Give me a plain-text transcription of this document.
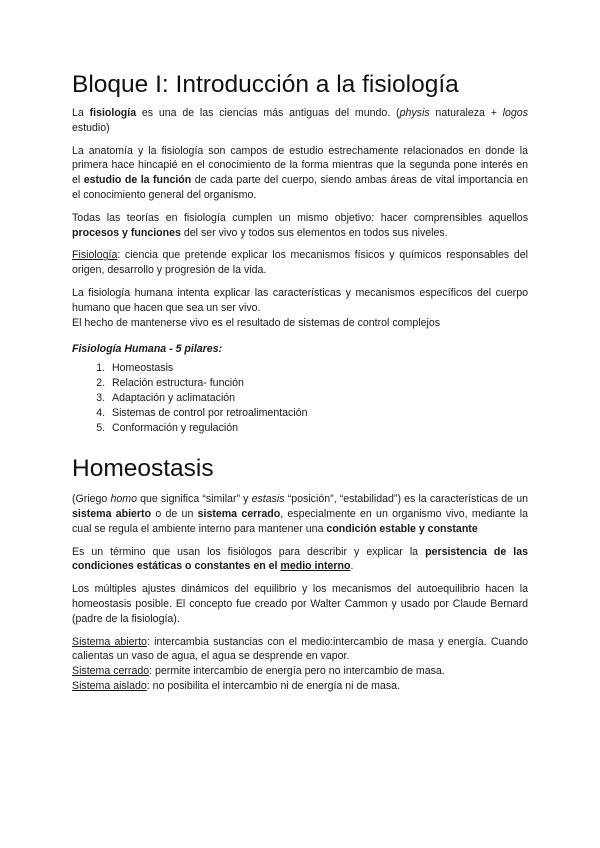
Bloque I: Introducción a la fisiología

La fisiología es una de las ciencias más antiguas del mundo. (physis naturaleza + logos estudio)

La anatomía y la fisiología son campos de estudio estrechamente relacionados en donde la primera hace hincapié en el conocimiento de la forma mientras que la segunda pone interés en el estudio de la función de cada parte del cuerpo, siendo ambas áreas de vital importancia en el conocimiento general del organismo.

Todas las teorías en fisiología cumplen un mismo objetivo: hacer comprensibles aquellos procesos y funciones del ser vivo y todos sus elementos en todos sus niveles.

Fisiología: ciencia que pretende explicar los mecanismos físicos y químicos responsables del origen, desarrollo y progresión de la vida.

La fisiología humana intenta explicar las características y mecanismos específicos del cuerpo humano que hacen que sea un ser vivo.

El hecho de mantenerse vivo es el resultado de sistemas de control complejos

Fisiología Humana - 5 pilares:

1. Homeostasis
2. Relación estructura- función
3. Adaptación y aclimatación
4. Sistemas de control por retroalimentación
5. Conformación y regulación
Homeostasis

(Griego homo que significa “similar” y estasis “posición”, “estabilidad”) es la características de un sistema abierto o de un sistema cerrado, especialmente en un organismo vivo, mediante la cual se regula el ambiente interno para mantener una condición estable y constante

Es un término que usan los fisiólogos para describir y explicar la persistencia de las condiciones estáticas o constantes en el medio interno.

Los múltiples ajustes dinámicos del equilibrio y los mecanismos del autoequilibrio hacen la homeostasis posible. El concepto fue creado por Walter Cammon y usado por Claude Bernard (padre de la fisiología).

Sistema abierto: intercambia sustancias con el medio:intercambio de masa y energía. Cuando calientas un vaso de agua, el agua se desprende en vapor.

Sistema cerrado: permite intercambio de energía pero no intercambio de masa.

Sistema aislado: no posibilita el intercambio ni de energía ni de masa.
